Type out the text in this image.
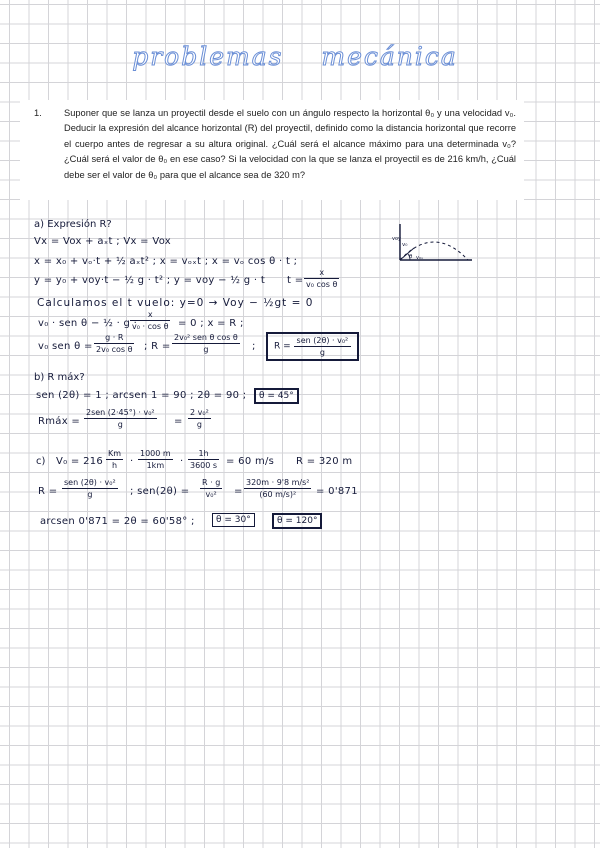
problemas mecánica
1.	Suponer que se lanza un proyectil desde el suelo con un ángulo respecto la horizontal θ₀ y una velocidad v₀. Deducir la expresión del alcance horizontal (R) del proyectil, definido como la distancia horizontal que recorre el cuerpo antes de regresar a su altura original. ¿Cuál será el alcance máximo para una determinada v₀? ¿Cuál será el valor de θ₀ en ese caso? Si la velocidad con la que se lanza el proyectil es de 216 km/h, ¿Cuál debe ser el valor de θ₀ para que el alcance sea de 320 m?
a) Expresión R?
Vx = Vox + aₓt ; Vx = Vox
x = x₀ + vₒ·t + ½ aₓt² ; x = vₒₓt ; x = vₒ cos θ · t ;
y = y₀ + voy·t − ½ g · t² ; y = voy − ½ g · t t =
x
v₀ cos θ
Calculamos el t vuelo: y=0 → Voy − ½gt = 0
v₀ · sen θ − ½ · g ·
x
v₀ · cos θ = 0 ; x = R ;
v₀ sen θ =
g · R
2v₀ cos θ ; R =
2v₀² sen θ cos θ
g	;	R =
sen (2θ) · v₀²
g
b) R máx?
sen (2θ) = 1 ; arcsen 1 = 90 ; 2θ = 90 ;	θ = 45°
Rmáx =
2sen (2·45°) · v₀²
g	=
2 v₀²
g
c) V₀ = 216
Km
h	·
1000 m
1km	·
1h
3600 s = 60 m/s R = 320 m
R =
sen (2θ) · v₀²
g	; sen(2θ) =
R · g
v₀²	=
320m · 9'8 m/s²
(60 m/s)²	= 0'871
arcsen 0'871 = 2θ = 60'58° ;	θ = 30°	θ = 120°
v₀
θ v₀ₓ
voy
